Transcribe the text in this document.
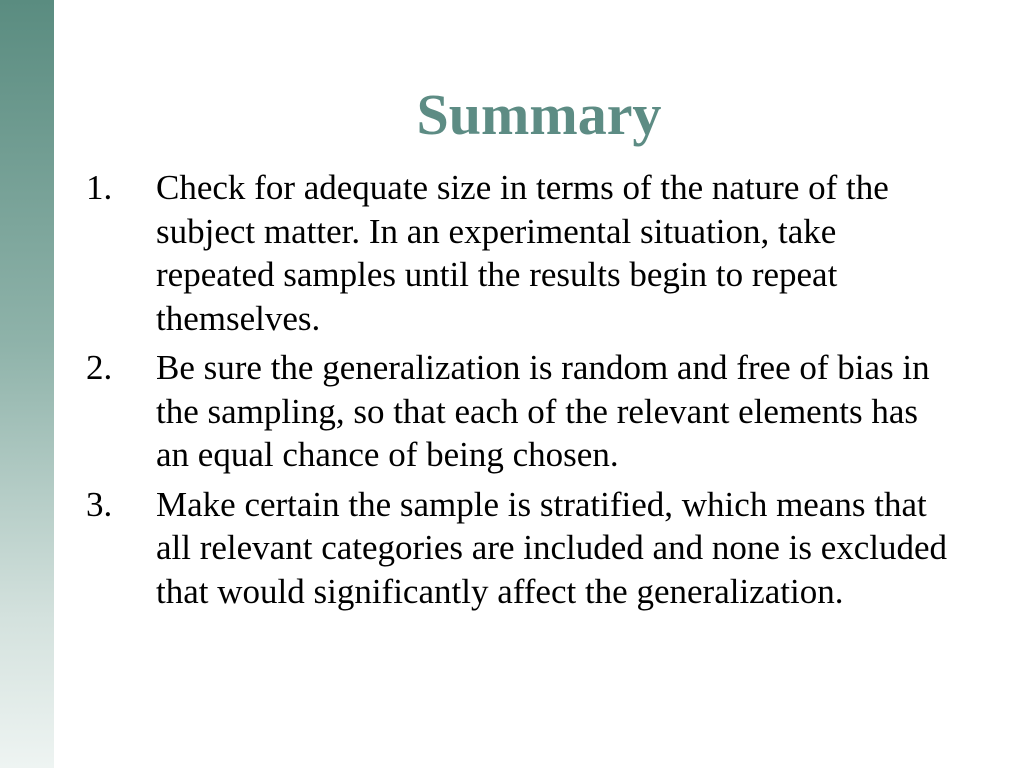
Summary
1. Check for adequate size in terms of the nature of the subject matter. In an experimental situation, take repeated samples until the results begin to repeat themselves.
2. Be sure the generalization is random and free of bias in the sampling, so that each of the relevant elements has an equal chance of being chosen.
3. Make certain the sample is stratified, which means that all relevant categories are included and none is excluded that would significantly affect the generalization.
